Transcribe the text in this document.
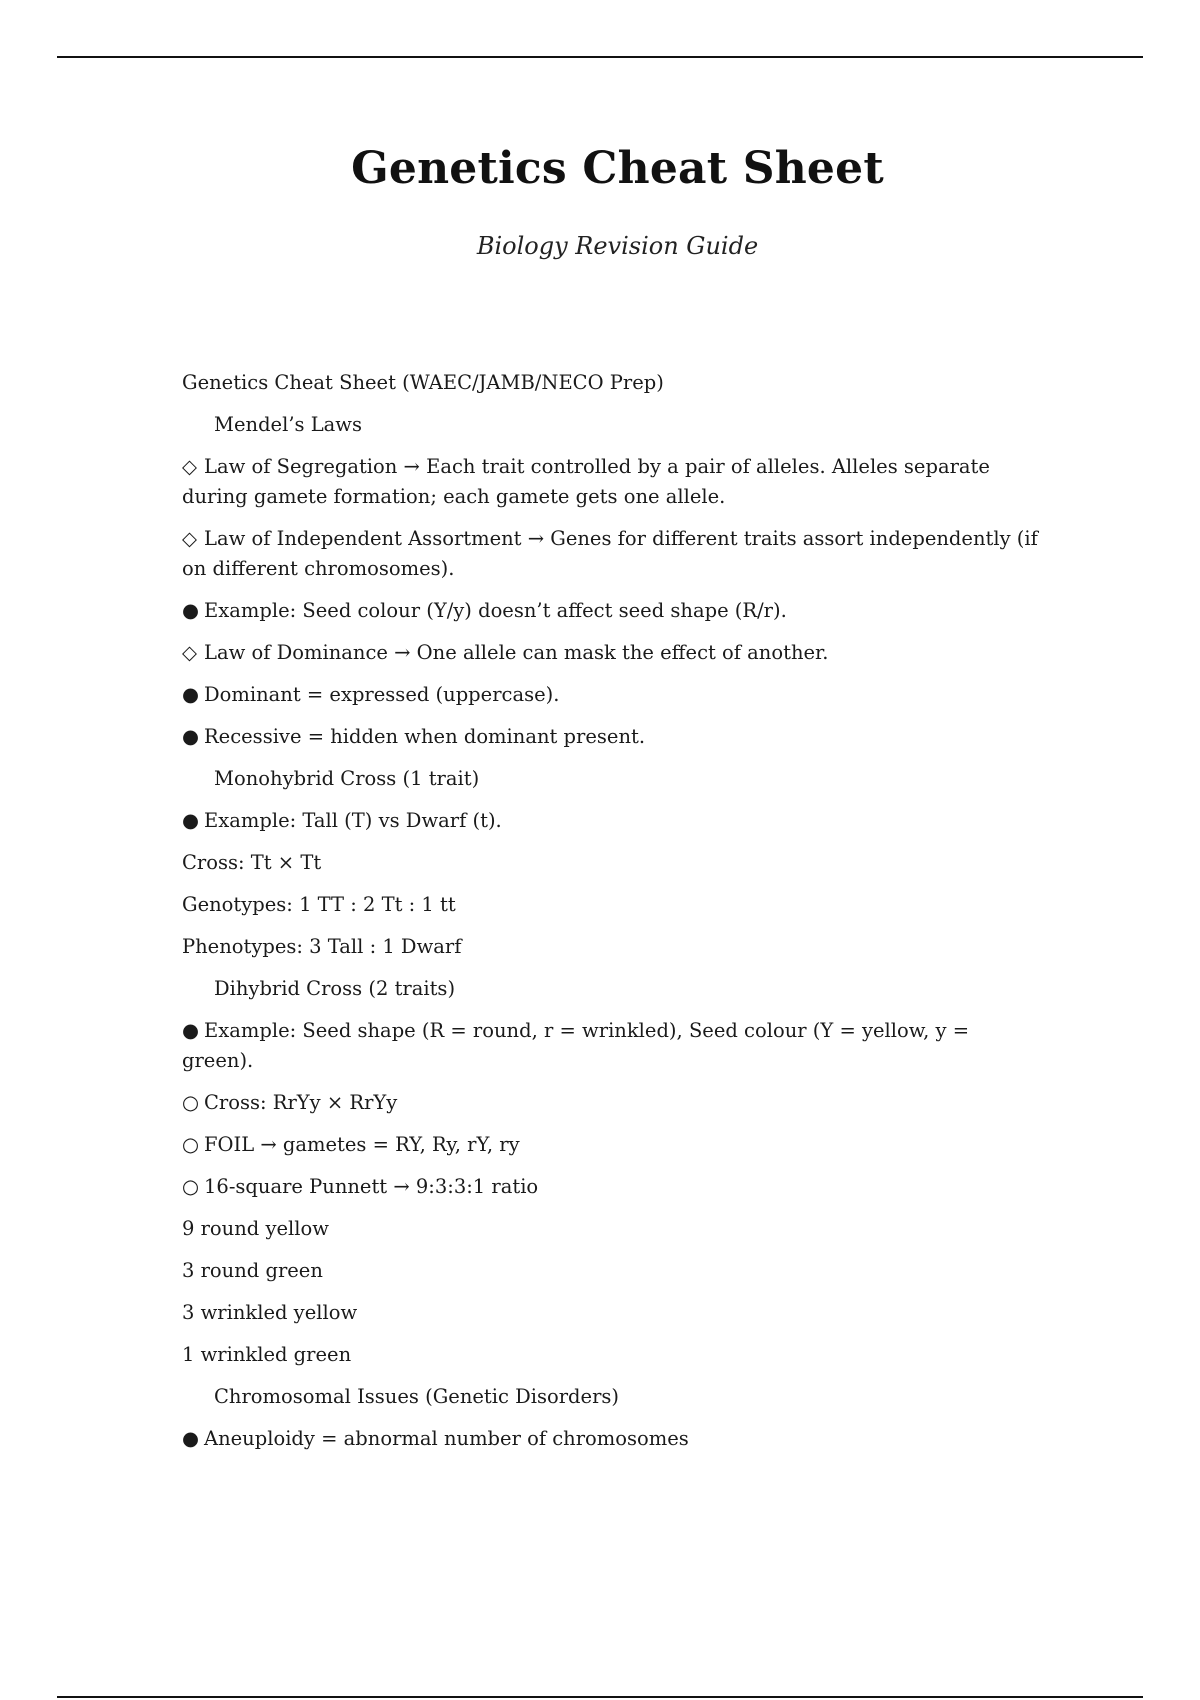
Genetics Cheat Sheet

Biology Revision Guide

Genetics Cheat Sheet (WAEC/JAMB/NECO Prep)

Mendel’s Laws

◇ Law of Segregation → Each trait controlled by a pair of alleles. Alleles separate during gamete formation; each gamete gets one allele.

◇ Law of Independent Assortment → Genes for different traits assort independently (if on different chromosomes).

● Example: Seed colour (Y/y) doesn’t affect seed shape (R/r).

◇ Law of Dominance → One allele can mask the effect of another.

● Dominant = expressed (uppercase).

● Recessive = hidden when dominant present.

Monohybrid Cross (1 trait)

● Example: Tall (T) vs Dwarf (t).

Cross: Tt × Tt

Genotypes: 1 TT : 2 Tt : 1 tt

Phenotypes: 3 Tall : 1 Dwarf

Dihybrid Cross (2 traits)

● Example: Seed shape (R = round, r = wrinkled), Seed colour (Y = yellow, y = green).

○ Cross: RrYy × RrYy

○ FOIL → gametes = RY, Ry, rY, ry

○ 16-square Punnett → 9:3:3:1 ratio

9 round yellow

3 round green

3 wrinkled yellow

1 wrinkled green

Chromosomal Issues (Genetic Disorders)

● Aneuploidy = abnormal number of chromosomes
